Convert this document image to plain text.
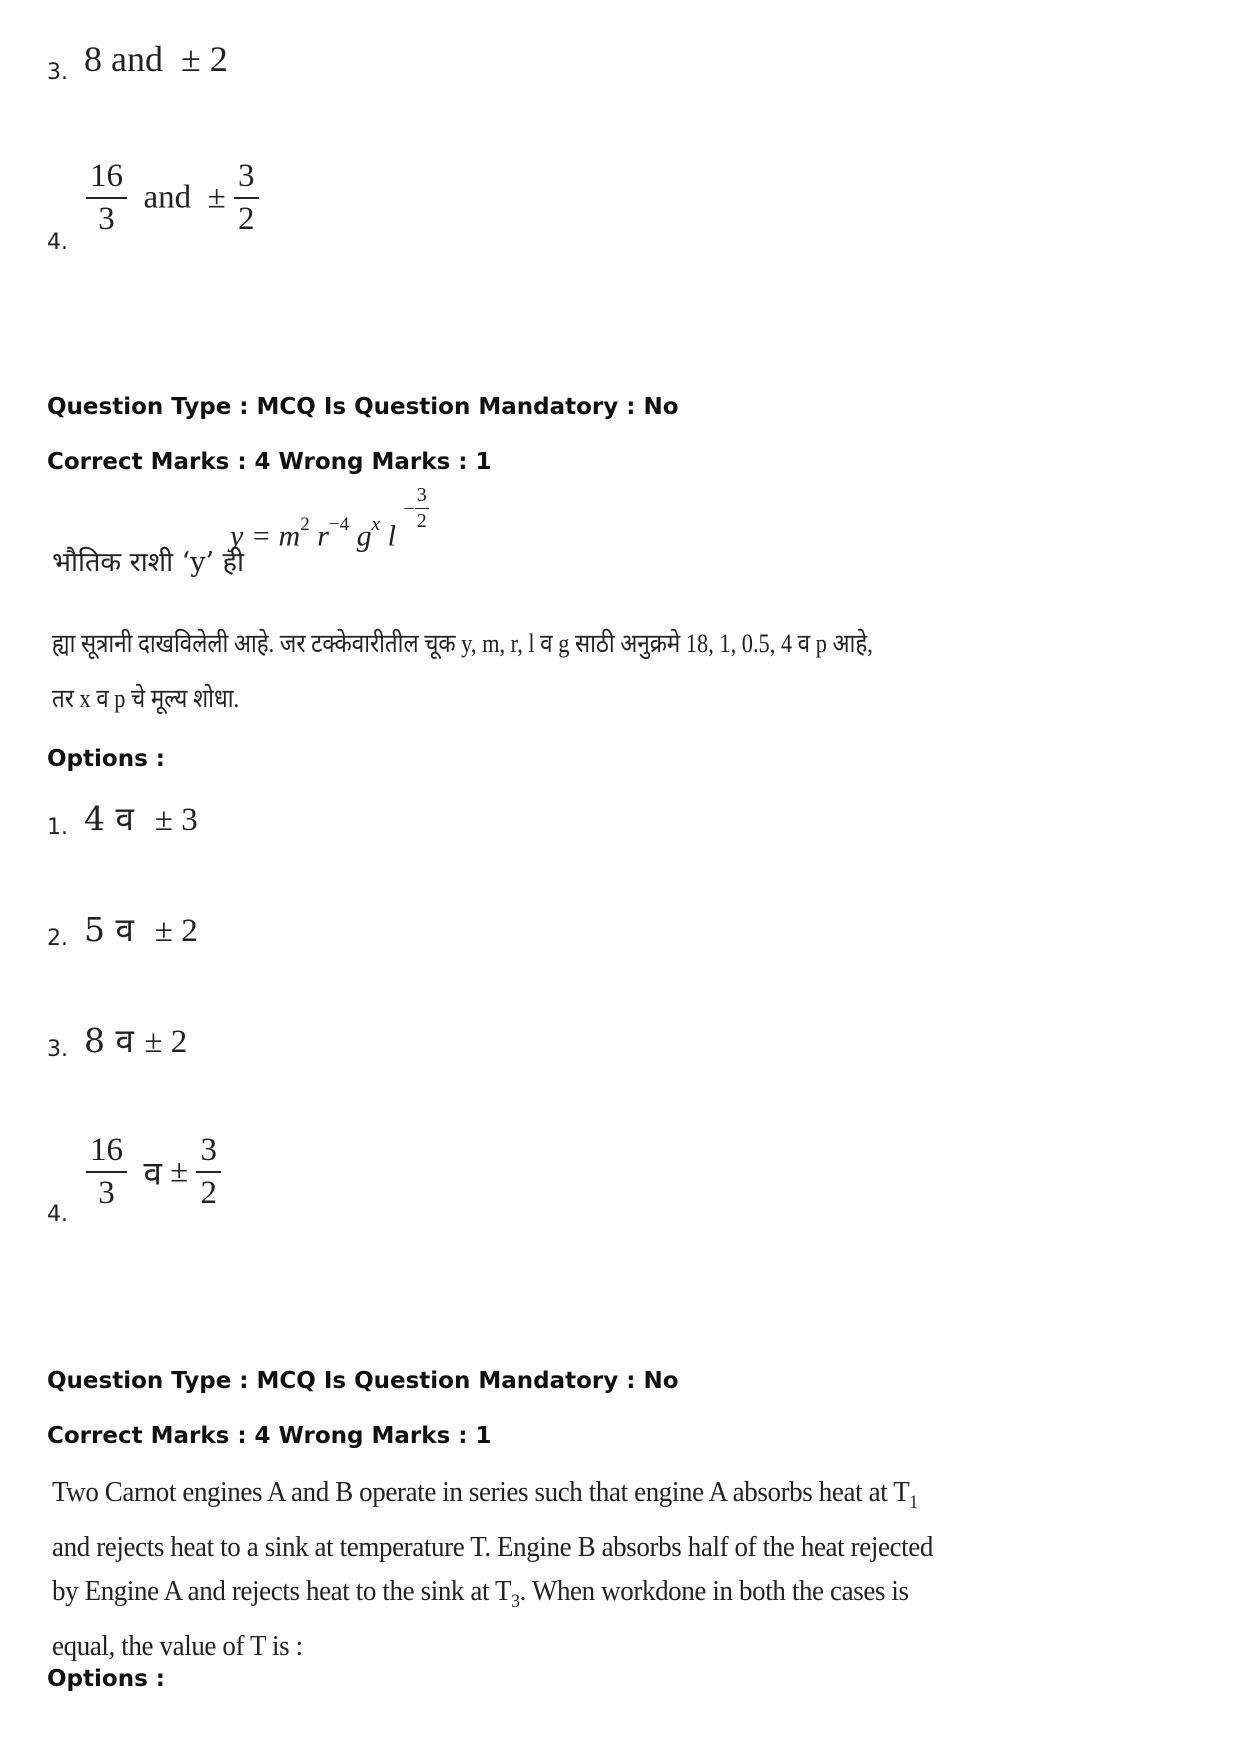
3. 8 and ± 2
4.
$\frac{16}{3}$ and ± $\frac{3}{2}$
Question Type : MCQ Is Question Mandatory : No
Correct Marks : 4 Wrong Marks : 1
भौतिक राशी ‘y’ ही
$y = m^2$ $r^{-4}$ $g^x$ l $^- \frac{3}{2}$
ह्या सूत्रानी दाखविलेली आहे. जर टक्केवारीतील चूक y, m, r, l व g साठी अनुक्रमे 18, 1, 0.5, 4 व p आहे,
तर x व p चे मूल्य शोधा.
Options :
1. 4 व ± 3
2. 5 व ± 2
3. 8 व ± 2
4.
$\frac{16}{3}$ व ± $\frac{3}{2}$
Question Type : MCQ Is Question Mandatory : No
Correct Marks : 4 Wrong Marks : 1
Two Carnot engines A and B operate in series such that engine A absorbs heat at $T_1$ and rejects heat to a sink at temperature T. Engine B absorbs half of the heat rejected by Engine A and rejects heat to the sink at $T_3$. When workdone in both the cases is equal, the value of T is :
Options :
